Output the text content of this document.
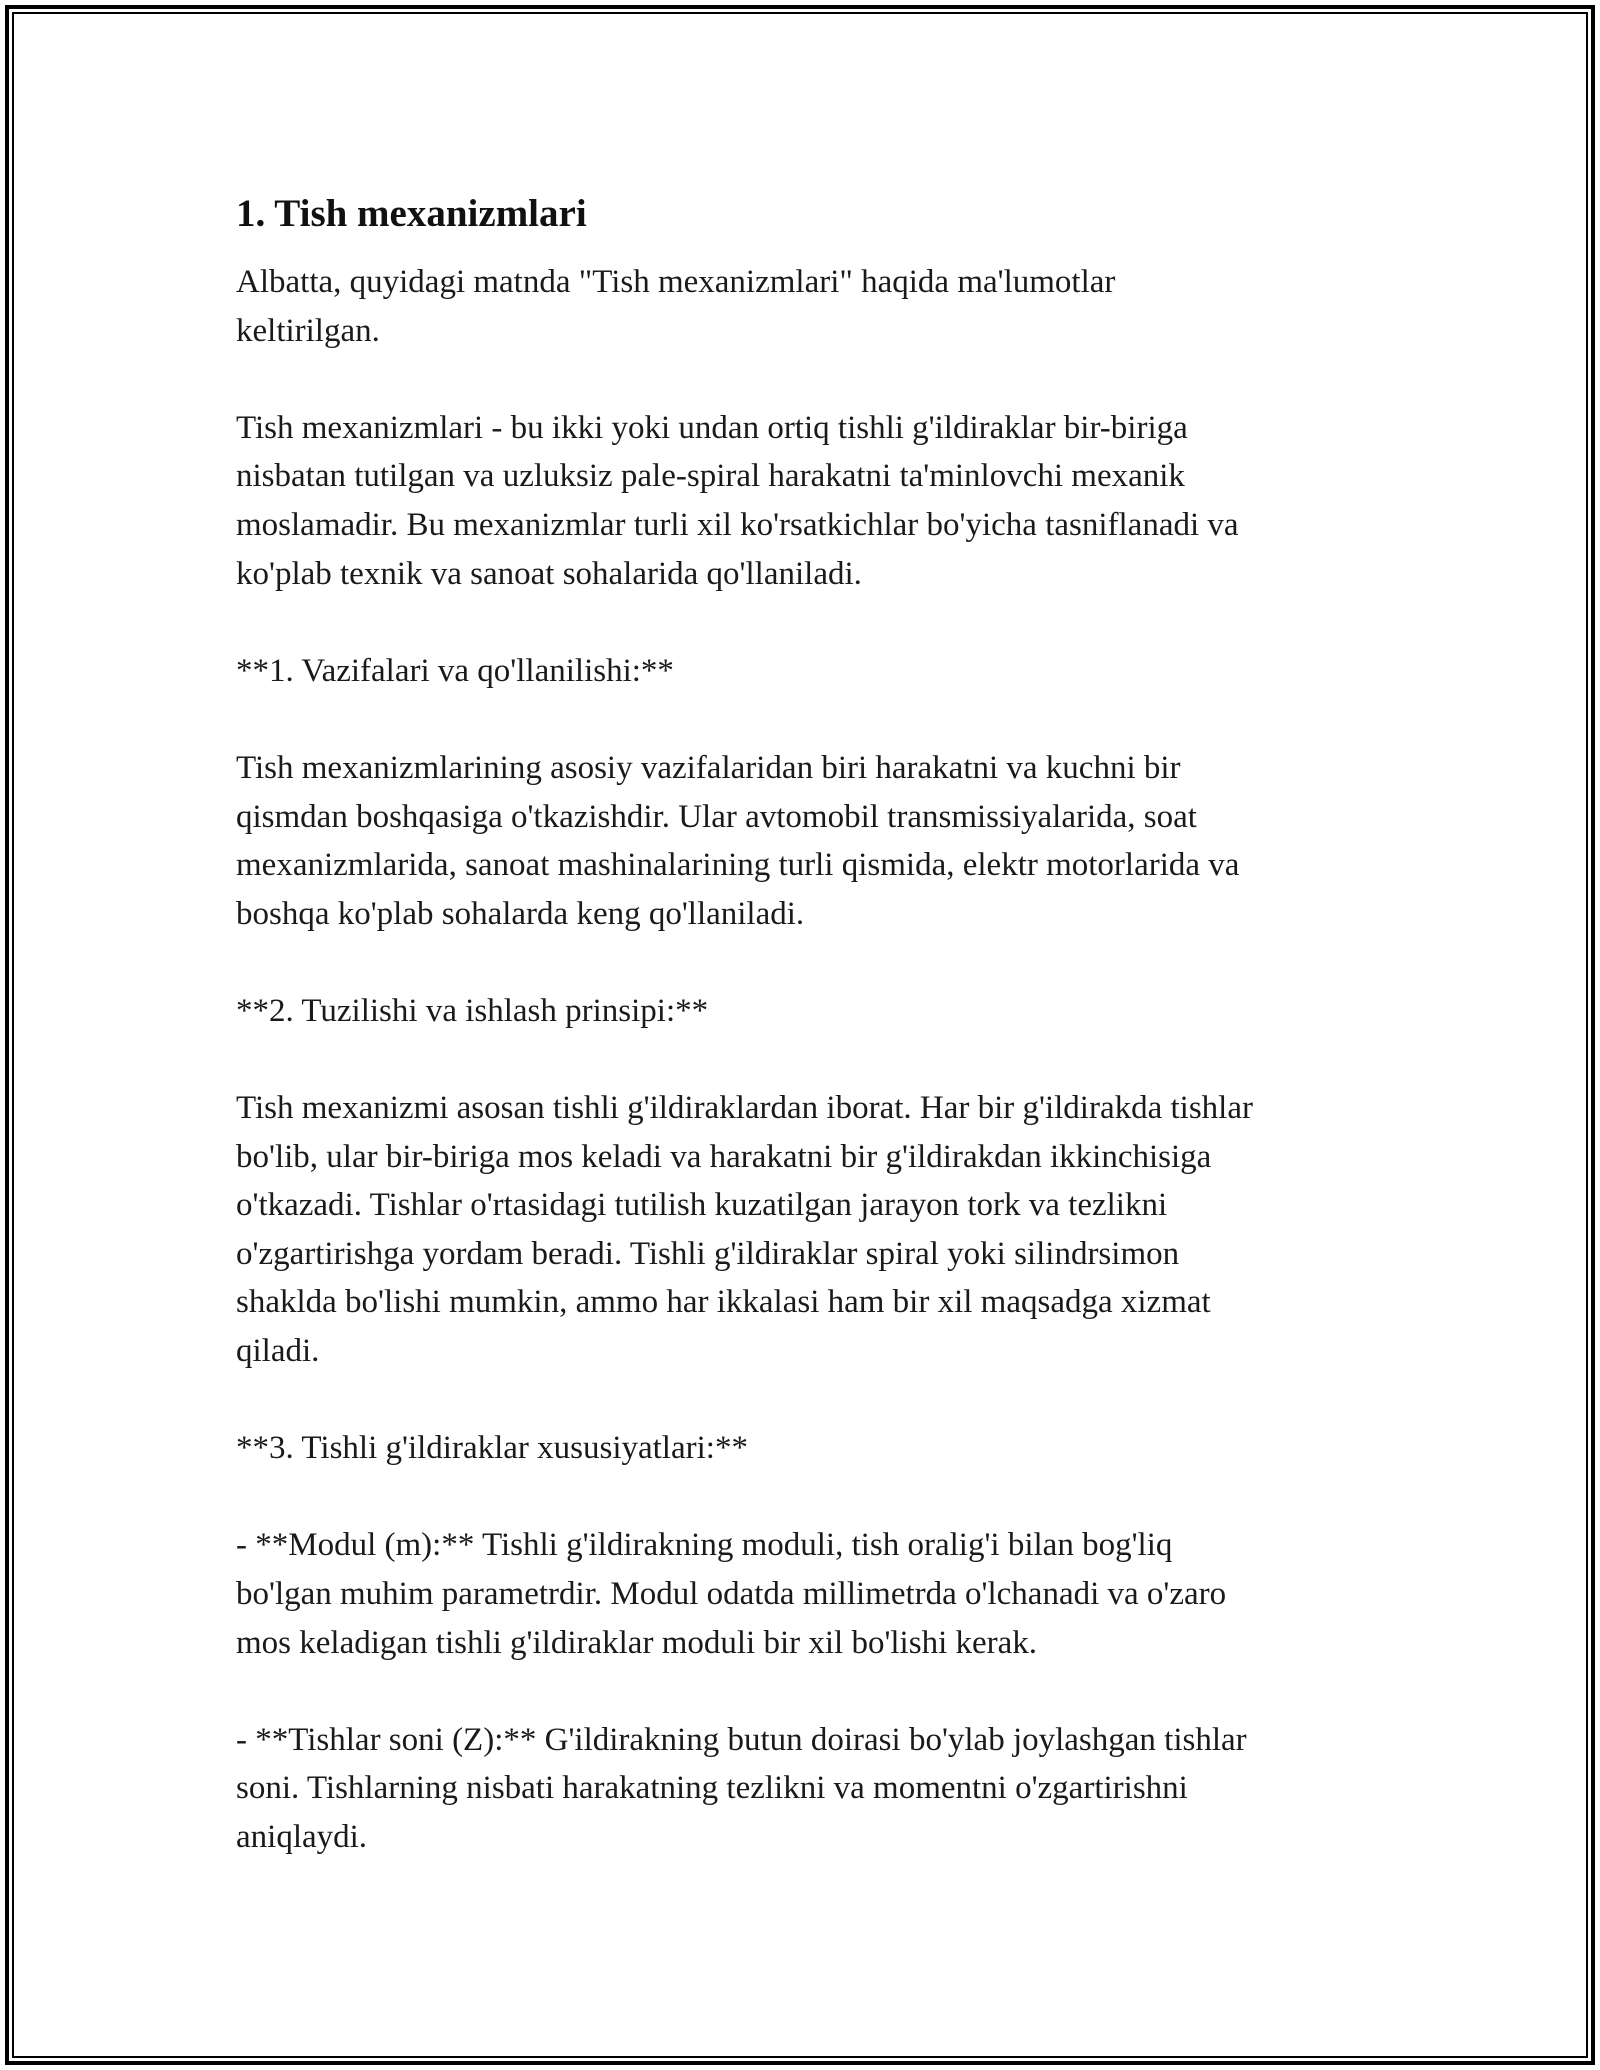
1. Tish mexanizmlari

Albatta, quyidagi matnda "Tish mexanizmlari" haqida ma'lumotlar
keltirilgan.

Tish mexanizmlari - bu ikki yoki undan ortiq tishli g'ildiraklar bir-biriga
nisbatan tutilgan va uzluksiz pale-spiral harakatni ta'minlovchi mexanik
moslamadir. Bu mexanizmlar turli xil ko'rsatkichlar bo'yicha tasniflanadi va
ko'plab texnik va sanoat sohalarida qo'llaniladi.

**1. Vazifalari va qo'llanilishi:**

Tish mexanizmlarining asosiy vazifalaridan biri harakatni va kuchni bir
qismdan boshqasiga o'tkazishdir. Ular avtomobil transmissiyalarida, soat
mexanizmlarida, sanoat mashinalarining turli qismida, elektr motorlarida va
boshqa ko'plab sohalarda keng qo'llaniladi.

**2. Tuzilishi va ishlash prinsipi:**

Tish mexanizmi asosan tishli g'ildiraklardan iborat. Har bir g'ildirakda tishlar
bo'lib, ular bir-biriga mos keladi va harakatni bir g'ildirakdan ikkinchisiga
o'tkazadi. Tishlar o'rtasidagi tutilish kuzatilgan jarayon tork va tezlikni
o'zgartirishga yordam beradi. Tishli g'ildiraklar spiral yoki silindrsimon
shaklda bo'lishi mumkin, ammo har ikkalasi ham bir xil maqsadga xizmat
qiladi.

**3. Tishli g'ildiraklar xususiyatlari:**

- **Modul (m):** Tishli g'ildirakning moduli, tish oralig'i bilan bog'liq
bo'lgan muhim parametrdir. Modul odatda millimetrda o'lchanadi va o'zaro
mos keladigan tishli g'ildiraklar moduli bir xil bo'lishi kerak.

- **Tishlar soni (Z):** G'ildirakning butun doirasi bo'ylab joylashgan tishlar
soni. Tishlarning nisbati harakatning tezlikni va momentni o'zgartirishni
aniqlaydi.
